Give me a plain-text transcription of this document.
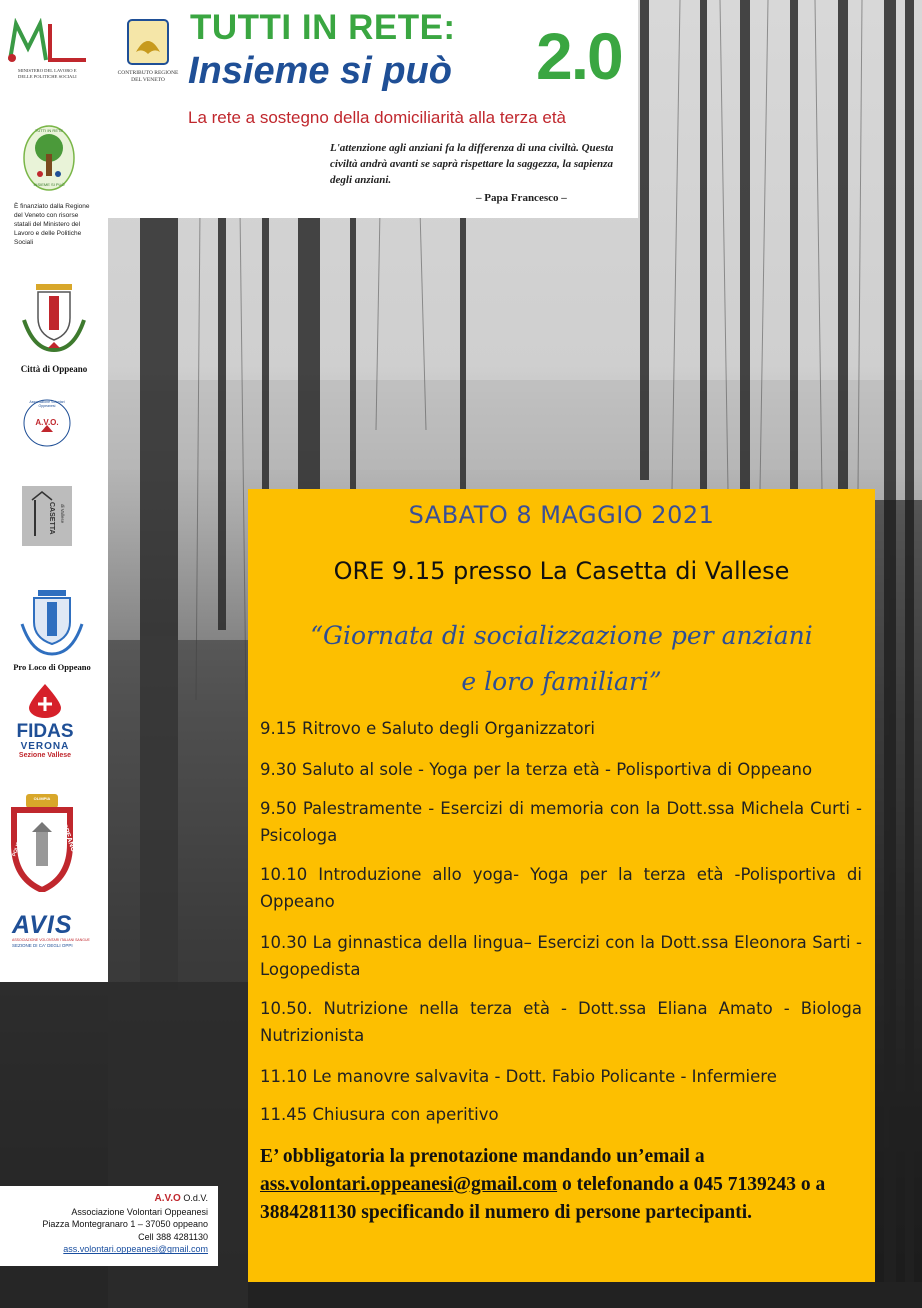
MINISTERO DEL LAVORO E DELLE POLITICHE SOCIALI
TUTTI IN RETE
INSIEME SI PUÒ
È finanziato dalla Regione del Veneto con risorse statali del Ministero del Lavoro e delle Politiche Sociali
Città di Oppeano
A.V.O.
Associazione Volontari Oppeanesi
CASETTA di Vallese
Pro Loco di Oppeano
FIDAS
VERONA
Sezione Vallese
OLIMPIA
POLISPORTIVA	OPPEANO
1986
AVIS
ASSOCIAZIONE VOLONTARI ITALIANI SANGUE
SEZIONE DI CA' DEGLI OPPI
CONTRIBUTO REGIONE DEL VENETO
TUTTI IN RETE:
Insieme si può 2.0
La rete a sostegno della domiciliarità alla terza età
L'attenzione agli anziani fa la differenza di una civiltà. Questa civiltà andrà avanti se saprà rispettare la saggezza, la sapienza degli anziani.
– Papa Francesco –
SABATO 8 MAGGIO 2021
ORE 9.15 presso La Casetta di Vallese
“Giornata di socializzazione per anziani
e loro familiari”
9.15 Ritrovo e Saluto degli Organizzatori
9.30 Saluto al sole - Yoga per la terza età - Polisportiva di Oppeano
9.50 Palestramente - Esercizi di memoria con la Dott.ssa Michela Curti - Psicologa
10.10 Introduzione allo yoga- Yoga per la terza età -Polisportiva di Oppeano
10.30 La ginnastica della lingua– Esercizi con la Dott.ssa Eleonora Sarti - Logopedista
10.50. Nutrizione nella terza età - Dott.ssa Eliana Amato - Biologa Nutrizionista
11.10 Le manovre salvavita - Dott. Fabio Policante - Infermiere
11.45 Chiusura con aperitivo
E’ obbligatoria la prenotazione mandando un’email a ass.volontari.oppeanesi@gmail.com o telefonando a 045 7139243 o a 3884281130 specificando il numero di persone partecipanti.
A.V.O O.d.V.
Associazione Volontari Oppeanesi
Piazza Montegranaro 1 – 37050 oppeano
Cell 388 4281130
ass.volontari.oppeanesi@gmail.com
